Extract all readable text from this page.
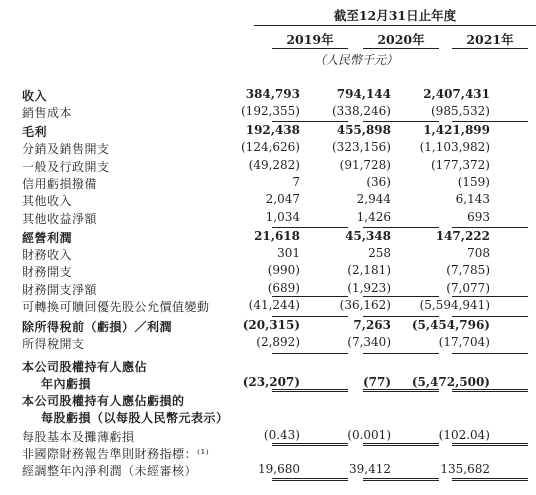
截至12月31日止年度
2019年	2020年	2021年
（人民幣千元）
收入	384,793	794,144	2,407,431
銷售成本	(192,355)	(338,246)	(985,532)
毛利	192,438	455,898	1,421,899
分銷及銷售開支	(124,626)	(323,156) (1,103,982)
一般及行政開支	(49,282)	(91,728)	(177,372)
信用虧損撥備	7	(36)	(159)
其他收入	2,047	2,944	6,143
其他收益淨額	1,034	1,426	693
經營利潤	21,618	45,348	147,222
財務收入	301	258	708
財務開支	(990)	(2,181)	(7,785)
財務開支淨額	(689)	(1,923)	(7,077)
可轉換可贖回優先股公允價值變動	(41,244)	(36,162) (5,594,941)
除所得稅前（虧損）／利潤	(20,315)	7,263 (5,454,796)
所得稅開支	(2,892)	(7,340)	(17,704)
本公司股權持有人應佔
年內虧損	(23,207)	(77) (5,472,500)
本公司股權持有人應佔虧損的
每股虧損（以每股人民幣元表示）
每股基本及攤薄虧損	(0.43)	(0.001)	(102.04)
非國際財務報告準則財務指標：⁽¹⁾
經調整年內淨利潤（未經審核）	19,680	39,412	135,682
